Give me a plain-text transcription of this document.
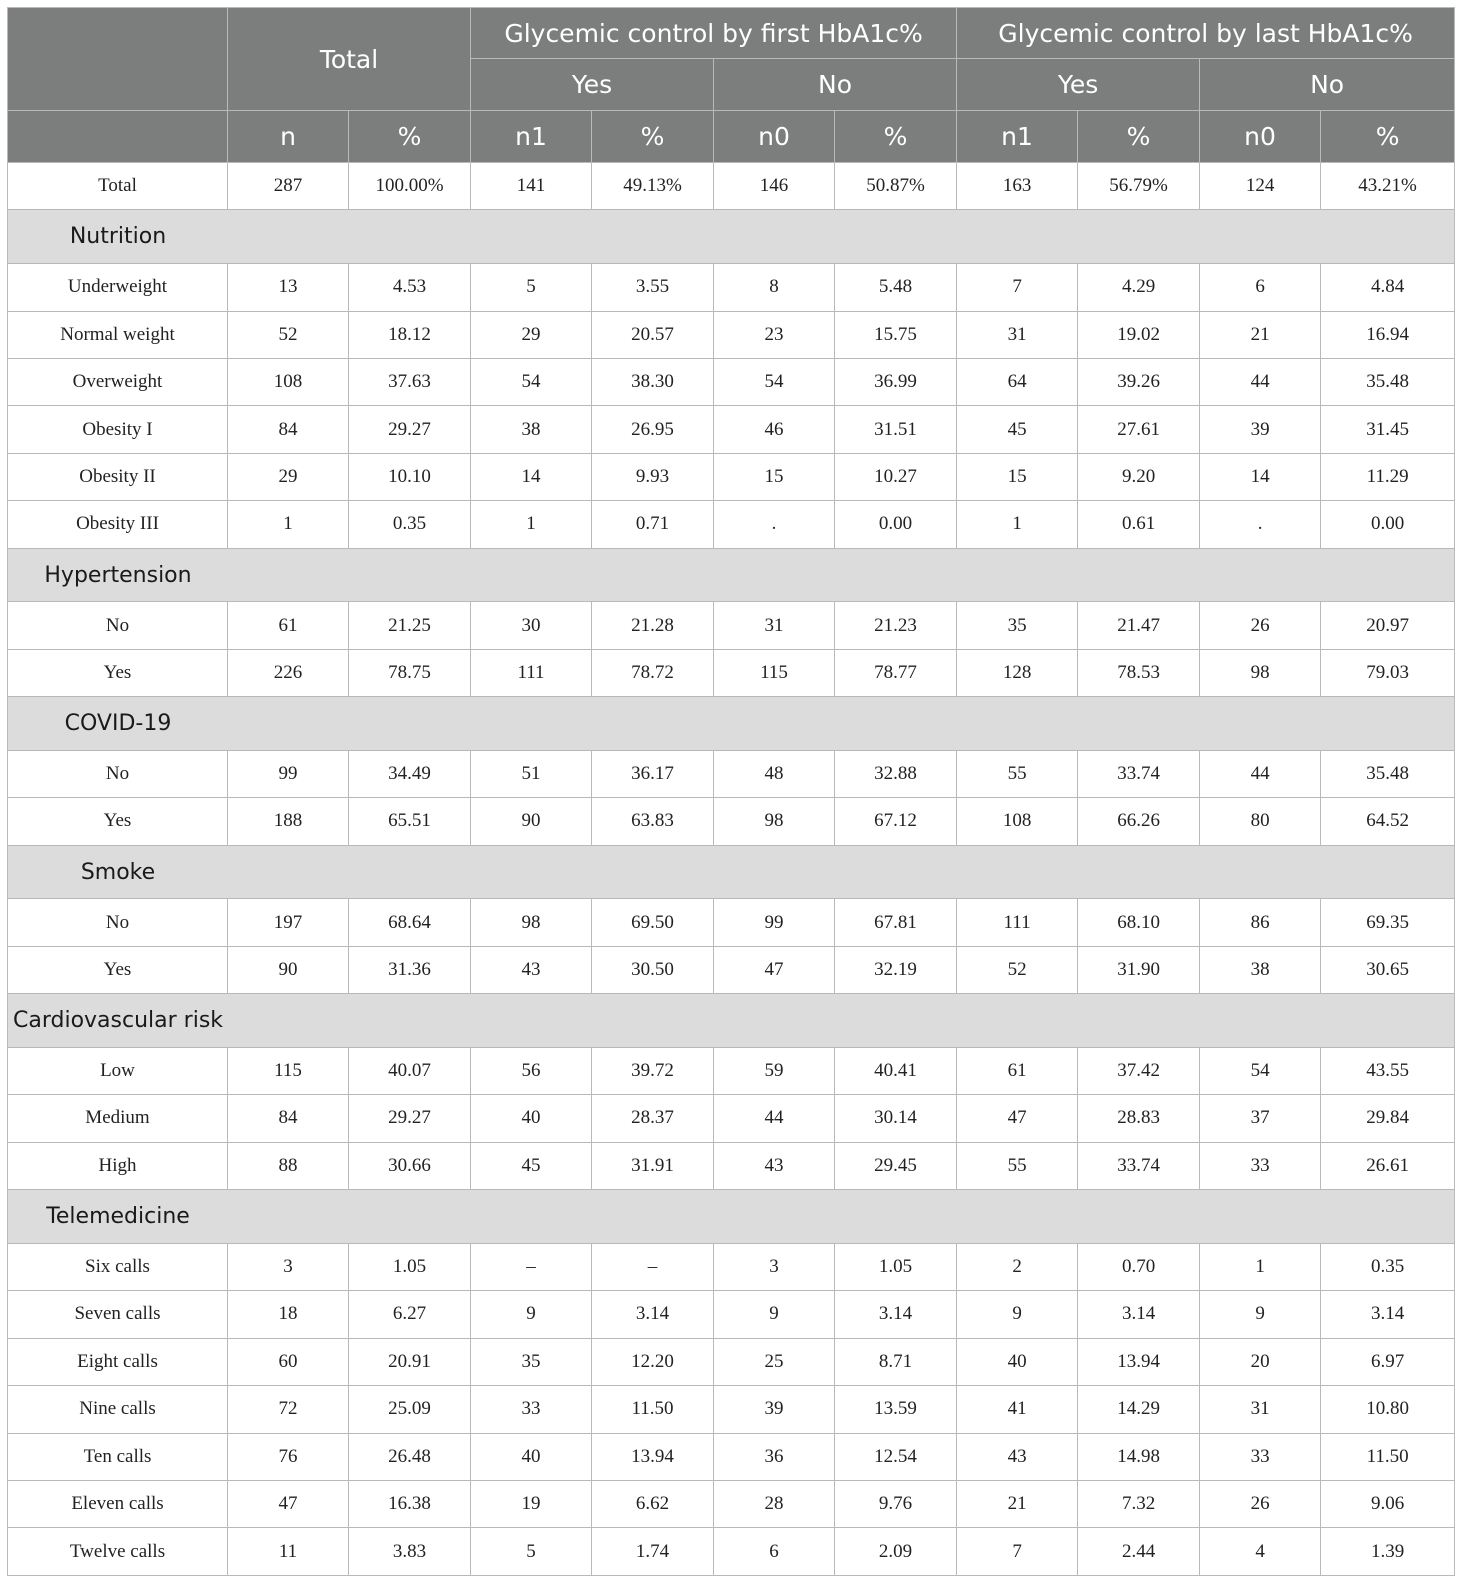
	Total		Glycemic control by first HbA1c%				Glycemic control by last HbA1c%			
			Yes		No		Yes		No	
	n	%	n1	%	n0	%	n1	%	n0	%
Total	287	100.00%	141	49.13%	146	50.87%	163	56.79%	124	43.21%
Nutrition										
Underweight	13	4.53	5	3.55	8	5.48	7	4.29	6	4.84
Normal weight	52	18.12	29	20.57	23	15.75	31	19.02	21	16.94
Overweight	108	37.63	54	38.30	54	36.99	64	39.26	44	35.48
Obesity I	84	29.27	38	26.95	46	31.51	45	27.61	39	31.45
Obesity II	29	10.10	14	9.93	15	10.27	15	9.20	14	11.29
Obesity III	1	0.35	1	0.71	.	0.00	1	0.61	.	0.00
Hypertension										
No	61	21.25	30	21.28	31	21.23	35	21.47	26	20.97
Yes	226	78.75	111	78.72	115	78.77	128	78.53	98	79.03
COVID-19										
No	99	34.49	51	36.17	48	32.88	55	33.74	44	35.48
Yes	188	65.51	90	63.83	98	67.12	108	66.26	80	64.52
Smoke										
No	197	68.64	98	69.50	99	67.81	111	68.10	86	69.35
Yes	90	31.36	43	30.50	47	32.19	52	31.90	38	30.65
Cardiovascular risk										
Low	115	40.07	56	39.72	59	40.41	61	37.42	54	43.55
Medium	84	29.27	40	28.37	44	30.14	47	28.83	37	29.84
High	88	30.66	45	31.91	43	29.45	55	33.74	33	26.61
Telemedicine										
Six calls	3	1.05	–	–	3	1.05	2	0.70	1	0.35
Seven calls	18	6.27	9	3.14	9	3.14	9	3.14	9	3.14
Eight calls	60	20.91	35	12.20	25	8.71	40	13.94	20	6.97
Nine calls	72	25.09	33	11.50	39	13.59	41	14.29	31	10.80
Ten calls	76	26.48	40	13.94	36	12.54	43	14.98	33	11.50
Eleven calls	47	16.38	19	6.62	28	9.76	21	7.32	26	9.06
Twelve calls	11	3.83	5	1.74	6	2.09	7	2.44	4	1.39
